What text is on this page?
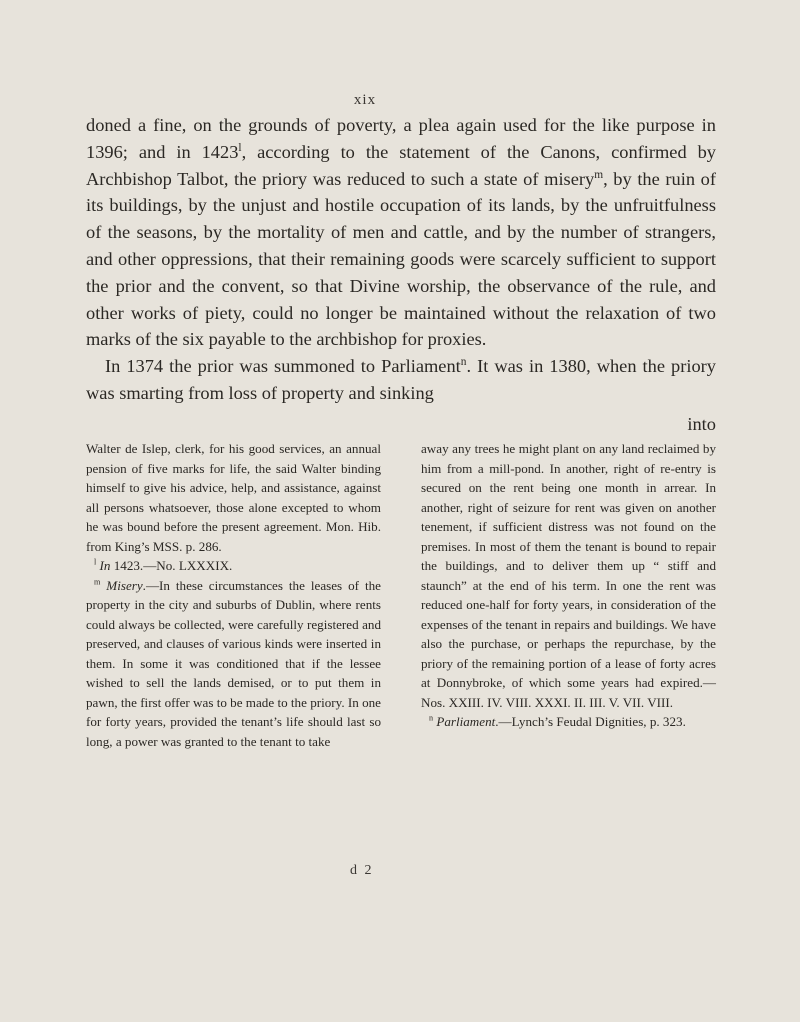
xix

doned a fine, on the grounds of poverty, a plea again used for the like purpose in 1396; and in 1423$^l$, according to the statement of the Canons, confirmed by Archbishop Talbot, the priory was reduced to such a state of misery$^m$, by the ruin of its buildings, by the unjust and hostile occupation of its lands, by the unfruitfulness of the seasons, by the mortality of men and cattle, and by the number of strangers, and other oppressions, that their remaining goods were scarcely sufficient to support the prior and the convent, so that Divine worship, the observance of the rule, and other works of piety, could no longer be maintained without the relaxation of two marks of the six payable to the archbishop for proxies.

In 1374 the prior was summoned to Parliament$^n$. It was in 1380, when the priory was smarting from loss of property and sinking

into

Walter de Islep, clerk, for his good services, an annual pension of five marks for life, the said Walter binding himself to give his advice, help, and assistance, against all persons whatsoever, those alone excepted to whom he was bound before the present agreement. Mon. Hib. from King’s MSS. p. 286.

$^l$ In 1423.—No. LXXXIX.

$^m$ Misery.—In these circumstances the leases of the property in the city and suburbs of Dublin, where rents could always be collected, were carefully registered and preserved, and clauses of various kinds were inserted in them. In some it was conditioned that if the lessee wished to sell the lands demised, or to put them in pawn, the first offer was to be made to the priory. In one for forty years, provided the tenant’s life should last so long, a power was granted to the tenant to take

away any trees he might plant on any land reclaimed by him from a mill-pond. In another, right of re-entry is secured on the rent being one month in arrear. In another, right of seizure for rent was given on another tenement, if sufficient distress was not found on the premises. In most of them the tenant is bound to repair the buildings, and to deliver them up “ stiff and staunch” at the end of his term. In one the rent was reduced one-half for forty years, in consideration of the expenses of the tenant in repairs and buildings. We have also the purchase, or perhaps the repurchase, by the priory of the remaining portion of a lease of forty acres at Donnybroke, of which some years had expired.—Nos. XXIII. IV. VIII. XXXI. II. III. V. VII. VIII.

$^n$ Parliament.—Lynch’s Feudal Dignities, p. 323.

d 2
